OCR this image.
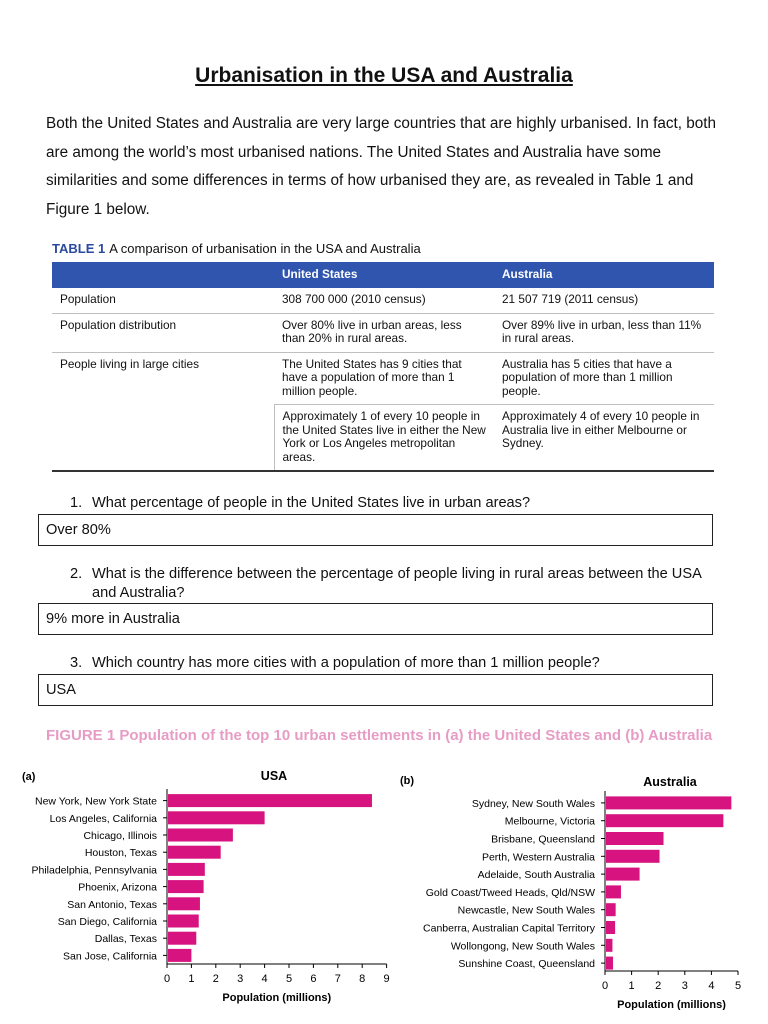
Urbanisation in the USA and Australia

Both the United States and Australia are very large countries that are highly urbanised. In fact, both are among the world’s most urbanised nations. The United States and Australia have some similarities and some differences in terms of how urbanised they are, as revealed in Table 1 and Figure 1 below.

TABLE 1 A comparison of urbanisation in the USA and Australia
	United States	Australia
Population	308 700 000 (2010 census)	21 507 719 (2011 census)
Population distribution	Over 80% live in urban areas, less than 20% in rural areas.	Over 89% live in urban, less than 11% in rural areas.
People living in large cities	The United States has 9 cities that have a population of more than 1 million people.	Australia has 5 cities that have a population of more than 1 million people.
	Approximately 1 of every 10 people in the United States live in either the New York or Los Angeles metropolitan areas.	Approximately 4 of every 10 people in Australia live in either Melbourne or Sydney.
1. What percentage of people in the United States live in urban areas?
Over 80%
2. What is the difference between the percentage of people living in rural areas between the USA and Australia?
9% more in Australia
3. Which country has more cities with a population of more than 1 million people?
USA
FIGURE 1 Population of the top 10 urban settlements in (a) the United States and (b) Australia
(a)	USA
New York, New York State
Los Angeles, California
Chicago, Illinois
Houston, Texas
Philadelphia, Pennsylvania
Phoenix, Arizona
San Antonio, Texas
San Diego, California
Dallas, Texas
San Jose, California
0 1 2 3 4 5 6 7 8 9
Population (millions)
(b)	Australia
Sydney, New South Wales
Melbourne, Victoria
Brisbane, Queensland
Perth, Western Australia
Adelaide, South Australia
Gold Coast/Tweed Heads, Qld/NSW
Newcastle, New South Wales
Canberra, Australian Capital Territory
Wollongong, New South Wales
Sunshine Coast, Queensland
0 1 2 3 4 5
Population (millions)
